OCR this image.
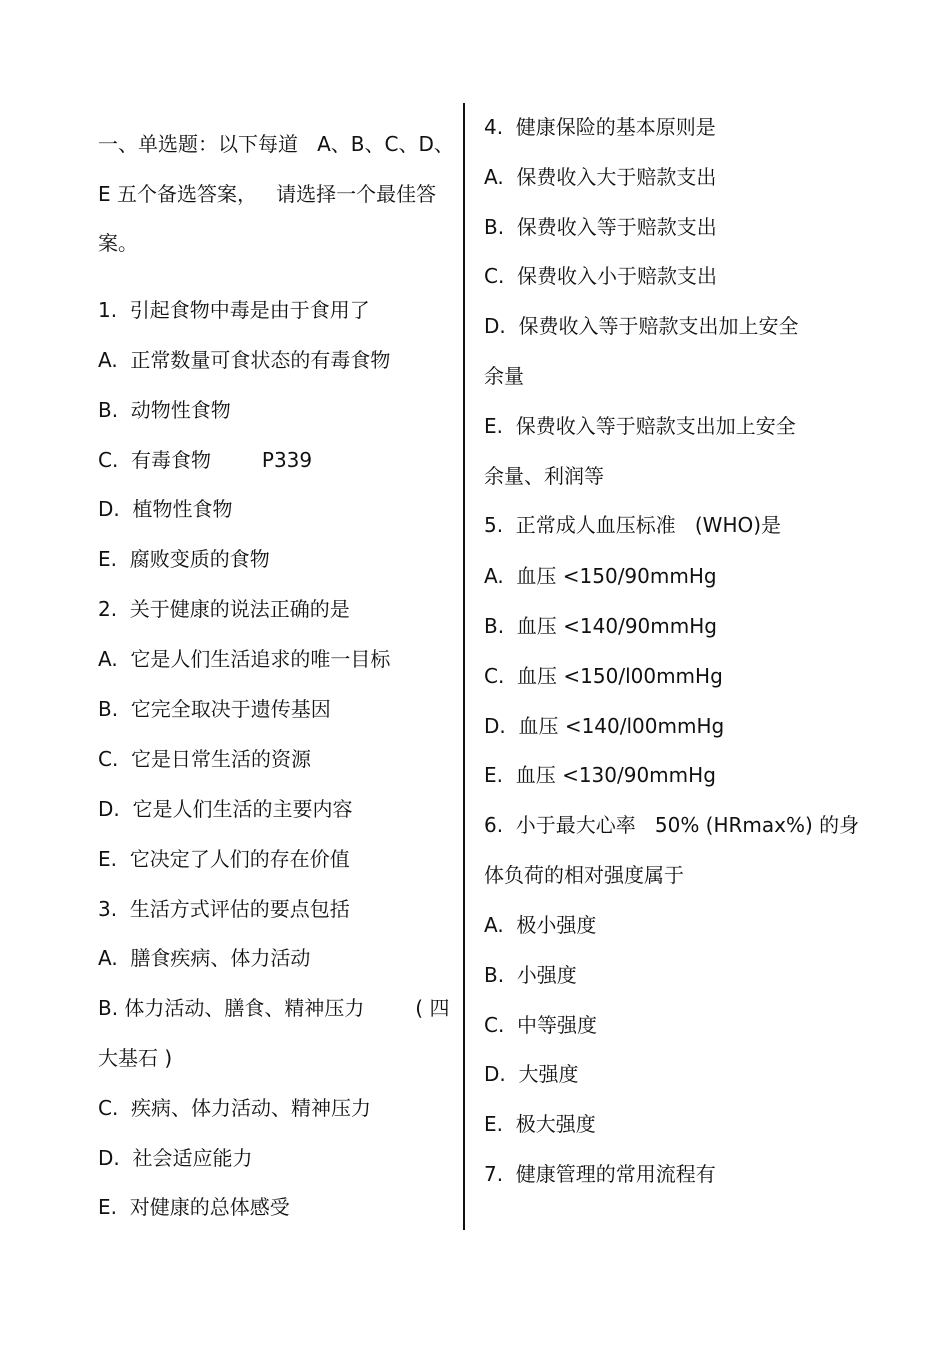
一、单选题：以下每道   A、B、C、D、
E 五个备选答案，   请选择一个最佳答
案。
1.  引起食物中毒是由于食用了
A.  正常数量可食状态的有毒食物
B.  动物性食物
C.  有毒食物        P339
D.  植物性食物
E.  腐败变质的食物
2.  关于健康的说法正确的是
A.  它是人们生活追求的唯一目标
B.  它完全取决于遗传基因
C.  它是日常生活的资源
D.  它是人们生活的主要内容
E.  它决定了人们的存在价值
3.  生活方式评估的要点包括
A.  膳食疾病、体力活动
B. 体力活动、膳食、精神压力        ( 四
大基石 )
C.  疾病、体力活动、精神压力
D.  社会适应能力
E.  对健康的总体感受
4.  健康保险的基本原则是
A.  保费收入大于赔款支出
B.  保费收入等于赔款支出
C.  保费收入小于赔款支出
D.  保费收入等于赔款支出加上安全
余量
E.  保费收入等于赔款支出加上安全
余量、利润等
5.  正常成人血压标准   (WHO)是
A.  血压 <150/90mmHg
B.  血压 <140/90mmHg
C.  血压 <150/l00mmHg
D.  血压 <140/l00mmHg
E.  血压 <130/90mmHg
6.  小于最大心率   50% (HRmax%) 的身
体负荷的相对强度属于
A.  极小强度
B.  小强度
C.  中等强度
D.  大强度
E.  极大强度
7.  健康管理的常用流程有
